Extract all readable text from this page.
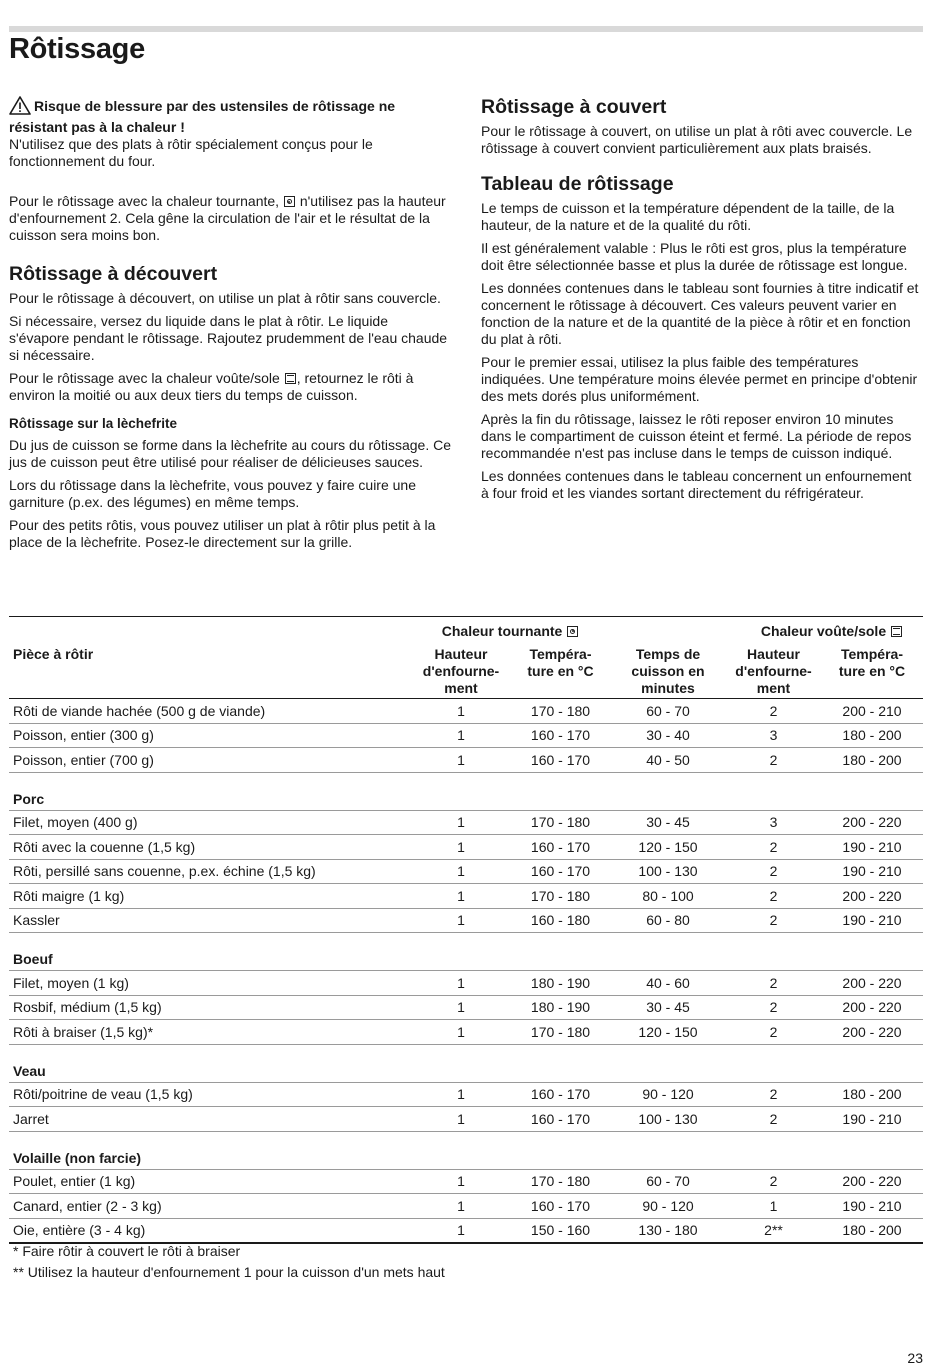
Rôtissage

Risque de blessure par des ustensiles de rôtissage ne résistant pas à la chaleur !
N'utilisez que des plats à rôtir spécialement conçus pour le fonctionnement du four.

Pour le rôtissage avec la chaleur tournante, n'utilisez pas la hauteur d'enfournement 2. Cela gêne la circulation de l'air et le résultat de la cuisson sera moins bon.

Rôtissage à découvert

Pour le rôtissage à découvert, on utilise un plat à rôtir sans couvercle.

Si nécessaire, versez du liquide dans le plat à rôtir. Le liquide s'évapore pendant le rôtissage. Rajoutez prudemment de l'eau chaude si nécessaire.

Pour le rôtissage avec la chaleur voûte/sole , retournez le rôti à environ la moitié ou aux deux tiers du temps de cuisson.

Rôtissage sur la lèchefrite

Du jus de cuisson se forme dans la lèchefrite au cours du rôtissage. Ce jus de cuisson peut être utilisé pour réaliser de délicieuses sauces.

Lors du rôtissage dans la lèchefrite, vous pouvez y faire cuire une garniture (p.ex. des légumes) en même temps.

Pour des petits rôtis, vous pouvez utiliser un plat à rôtir plus petit à la place de la lèchefrite. Posez-le directement sur la grille.

Rôtissage à couvert

Pour le rôtissage à couvert, on utilise un plat à rôti avec couvercle. Le rôtissage à couvert convient particulièrement aux plats braisés.

Tableau de rôtissage

Le temps de cuisson et la température dépendent de la taille, de la hauteur, de la nature et de la qualité du rôti.

Il est généralement valable : Plus le rôti est gros, plus la température doit être sélectionnée basse et plus la durée de rôtissage est longue.

Les données contenues dans le tableau sont fournies à titre indicatif et concernent le rôtissage à découvert. Ces valeurs peuvent varier en fonction de la nature et de la quantité de la pièce à rôtir et en fonction du plat à rôti.

Pour le premier essai, utilisez la plus faible des températures indiquées. Une température moins élevée permet en principe d'obtenir des mets dorés plus uniformément.

Après la fin du rôtissage, laissez le rôti reposer environ 10 minutes dans le compartiment de cuisson éteint et fermé. La période de repos recommandée n'est pas incluse dans le temps de cuisson indiqué.

Les données contenues dans le tableau concernent un enfournement à four froid et les viandes sortant directement du réfrigérateur.

	Chaleur tournante		Chaleur voûte/sole		
Pièce à rôtir	Hauteur
d'enfourne-
ment	Tempéra-
ture en °C	Temps de
cuisson en
minutes	Hauteur
d'enfourne-
ment	Tempéra-
ture en °C
Rôti de viande hachée (500 g de viande)	1	170 - 180	60 - 70	2	200 - 210
Poisson, entier (300 g)	1	160 - 170	30 - 40	3	180 - 200
Poisson, entier (700 g)	1	160 - 170	40 - 50	2	180 - 200
Porc					
Filet, moyen (400 g)	1	170 - 180	30 - 45	3	200 - 220
Rôti avec la couenne (1,5 kg)	1	160 - 170	120 - 150	2	190 - 210
Rôti, persillé sans couenne, p.ex. échine (1,5 kg)	1	160 - 170	100 - 130	2	190 - 210
Rôti maigre (1 kg)	1	170 - 180	80 - 100	2	200 - 220
Kassler	1	160 - 180	60 - 80	2	190 - 210
Boeuf					
Filet, moyen (1 kg)	1	180 - 190	40 - 60	2	200 - 220
Rosbif, médium (1,5 kg)	1	180 - 190	30 - 45	2	200 - 220
Rôti à braiser (1,5 kg)*	1	170 - 180	120 - 150	2	200 - 220
Veau					
Rôti/poitrine de veau (1,5 kg)	1	160 - 170	90 - 120	2	180 - 200
Jarret	1	160 - 170	100 - 130	2	190 - 210
Volaille (non farcie)					
Poulet, entier (1 kg)	1	170 - 180	60 - 70	2	200 - 220
Canard, entier (2 - 3 kg)	1	160 - 170	90 - 120	1	190 - 210
Oie, entière (3 - 4 kg)	1	150 - 160	130 - 180	2**	180 - 200
* Faire rôtir à couvert le rôti à braiser
** Utilisez la hauteur d'enfournement 1 pour la cuisson d'un mets haut
23
